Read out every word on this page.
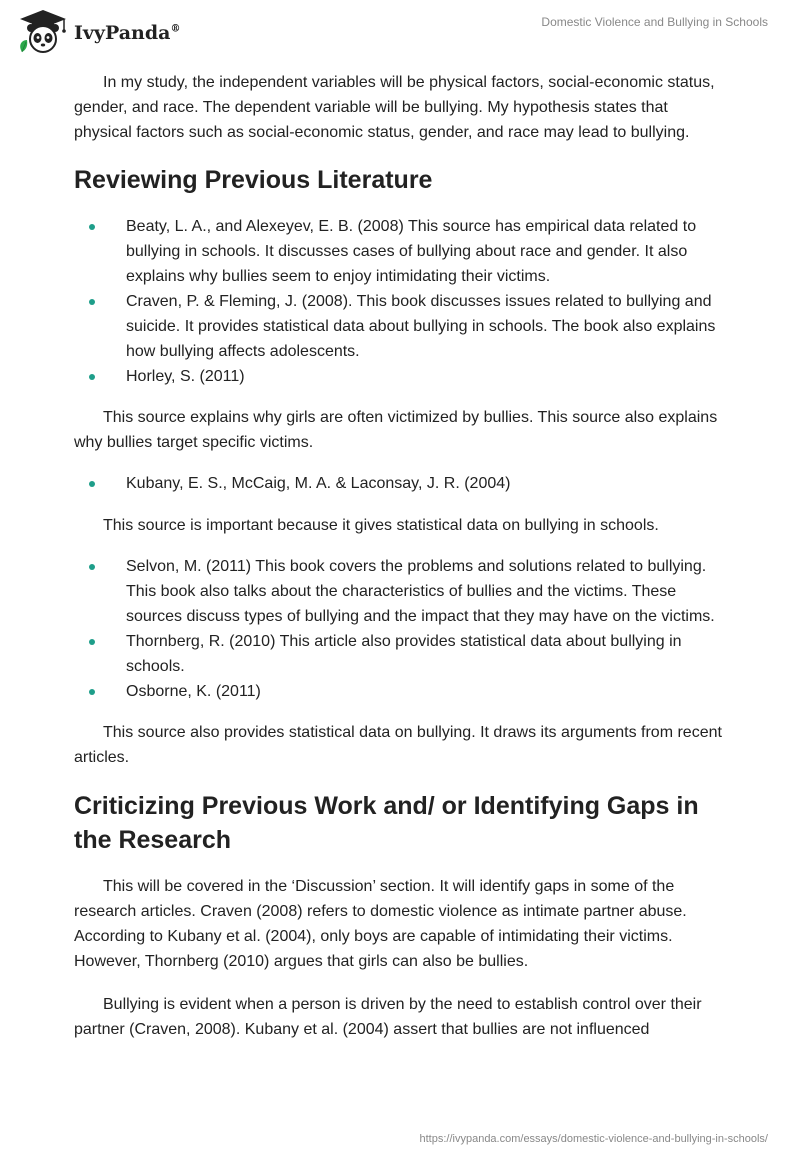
IvyPanda®
Domestic Violence and Bullying in Schools

In my study, the independent variables will be physical factors, social-economic status, gender, and race. The dependent variable will be bullying. My hypothesis states that physical factors such as social-economic status, gender, and race may lead to bullying.

Reviewing Previous Literature
Beaty, L. A., and Alexeyev, E. B. (2008) This source has empirical data related to bullying in schools. It discusses cases of bullying about race and gender. It also explains why bullies seem to enjoy intimidating their victims.
Craven, P. & Fleming, J. (2008). This book discusses issues related to bullying and suicide. It provides statistical data about bullying in schools. The book also explains how bullying affects adolescents.
Horley, S. (2011)

This source explains why girls are often victimized by bullies. This source also explains why bullies target specific victims.

Kubany, E. S., McCaig, M. A. & Laconsay, J. R. (2004)

This source is important because it gives statistical data on bullying in schools.

Selvon, M. (2011) This book covers the problems and solutions related to bullying. This book also talks about the characteristics of bullies and the victims. These sources discuss types of bullying and the impact that they may have on the victims.
Thornberg, R. (2010) This article also provides statistical data about bullying in schools.
Osborne, K. (2011)

This source also provides statistical data on bullying. It draws its arguments from recent articles.

Criticizing Previous Work and/ or Identifying Gaps in the Research

This will be covered in the ‘Discussion’ section. It will identify gaps in some of the research articles. Craven (2008) refers to domestic violence as intimate partner abuse. According to Kubany et al. (2004), only boys are capable of intimidating their victims. However, Thornberg (2010) argues that girls can also be bullies.

Bullying is evident when a person is driven by the need to establish control over their partner (Craven, 2008). Kubany et al. (2004) assert that bullies are not influenced

https://ivypanda.com/essays/domestic-violence-and-bullying-in-schools/
